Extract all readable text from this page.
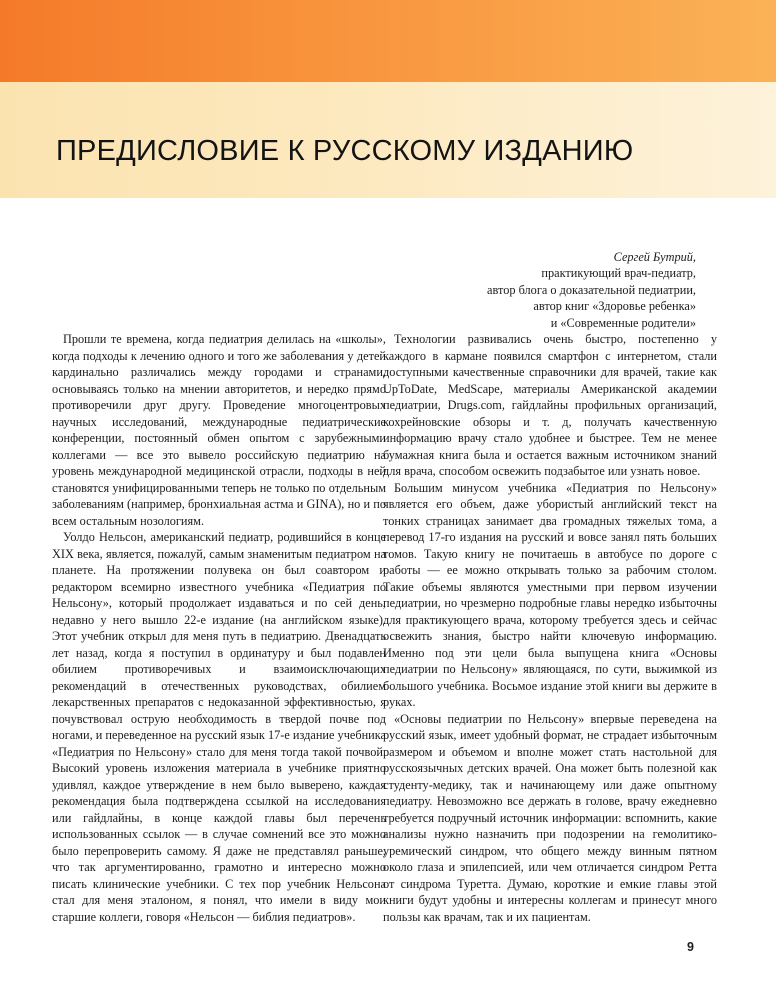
ПРЕДИСЛОВИЕ К РУССКОМУ ИЗДАНИЮ
Сергей Бутрий,
практикующий врач-педиатр,
автор блога о доказательной педиатрии,
автор книг «Здоровье ребенка»
и «Современные родители»

Прошли те времена, когда педиатрия делилась на «школы», когда подходы к лечению одного и того же заболевания у детей кардинально различались между городами и странами, основываясь только на мнении авторитетов, и нередко прямо противоречили друг другу. Проведение многоцентровых научных исследований, международные педиатрические конференции, постоянный обмен опытом с зарубежными коллегами — все это вывело российскую педиатрию на уровень международной медицинской отрасли, подходы в ней становятся унифицированными теперь не только по отдельным заболеваниям (например, бронхиальная астма и GINA), но и по всем остальным нозологиям.

Уолдо Нельсон, американский педиатр, родившийся в конце XIX века, является, пожалуй, самым знаменитым педиатром на планете. На протяжении полувека он был соавтором и редактором всемирно известного учебника «Педиатрия по Нельсону», который продолжает издаваться и по сей день, недавно у него вышло 22-е издание (на английском языке). Этот учебник открыл для меня путь в педиатрию. Двенадцать лет назад, когда я поступил в ординатуру и был подавлен обилием противоречивых и взаимоисключающих рекомендаций в отечественных руководствах, обилием лекарственных препаратов с недоказанной эффективностью, я почувствовал острую необходимость в твердой почве под ногами, и переведенное на русский язык 17-е издание учебника «Педиатрия по Нельсону» стало для меня тогда такой почвой. Высокий уровень изложения материала в учебнике приятно удивлял, каждое утверждение в нем было выверено, каждая рекомендация была подтверждена ссылкой на исследования или гайдлайны, в конце каждой главы был перечень использованных ссылок — в случае сомнений все это можно было перепроверить самому. Я даже не представлял раньше, что так аргументированно, грамотно и интересно можно писать клинические учебники. С тех пор учебник Нельсона стал для меня эталоном, я понял, что имели в виду мои старшие коллеги, говоря «Нельсон — библия педиатров».

Технологии развивались очень быстро, постепенно у каждого в кармане появился смартфон с интернетом, стали доступными качественные справочники для врачей, такие как UpToDate, MedScape, материалы Американской академии педиатрии, Drugs.com, гайдлайны профильных организаций, кохрейновские обзоры и т. д, получать качественную информацию врачу стало удобнее и быстрее. Тем не менее бумажная книга была и остается важным источником знаний для врача, способом освежить подзабытое или узнать новое.

Большим минусом учебника «Педиатрия по Нельсону» является его объем, даже убористый английский текст на тонких страницах занимает два громадных тяжелых тома, а перевод 17-го издания на русский и вовсе занял пять больших томов. Такую книгу не почитаешь в автобусе по дороге с работы — ее можно открывать только за рабочим столом. Такие объемы являются уместными при первом изучении педиатрии, но чрезмерно подробные главы нередко избыточны для практикующего врача, которому требуется здесь и сейчас освежить знания, быстро найти ключевую информацию. Именно под эти цели была выпущена книга «Основы педиатрии по Нельсону» являющаяся, по сути, выжимкой из большого учебника. Восьмое издание этой книги вы держите в руках.

«Основы педиатрии по Нельсону» впервые переведена на русский язык, имеет удобный формат, не страдает избыточным размером и объемом и вполне может стать настольной для русскоязычных детских врачей. Она может быть полезной как студенту-медику, так и начинающему или даже опытному педиатру. Невозможно все держать в голове, врачу ежедневно требуется подручный источник информации: вспомнить, какие анализы нужно назначить при подозрении на гемолитико-уремический синдром, что общего между винным пятном около глаза и эпилепсией, или чем отличается синдром Ретта от синдрома Туретта. Думаю, короткие и емкие главы этой книги будут удобны и интересны коллегам и принесут много пользы как врачам, так и их пациентам.

9
